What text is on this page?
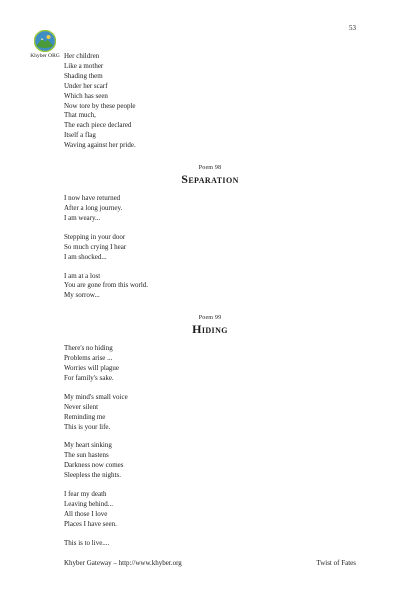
53
Khyber ORG Her children
Like a mother
Shading them
Under her scarf
Which has seen
Now tore by these people
That much,
The each piece declared
Itself a flag
Waving against her pride.
Poem 98
Separation
I now have returned
After a long journey.
I am weary...
Stepping in your door
So much crying I hear
I am shocked...
I am at a lost
You are gone from this world.
My sorrow...
Poem 99
Hiding
There's no hiding
Problems arise ...
Worries will plague
For family's sake.
My mind's small voice
Never silent
Reminding me
This is your life.
My heart sinking
The sun hastens
Darkness now comes
Sleepless the nights.
I fear my death
Leaving behind...
All those I love
Places I have seen.
This is to live....
Khyber Gateway – http://www.khyber.org	Twist of Fates
